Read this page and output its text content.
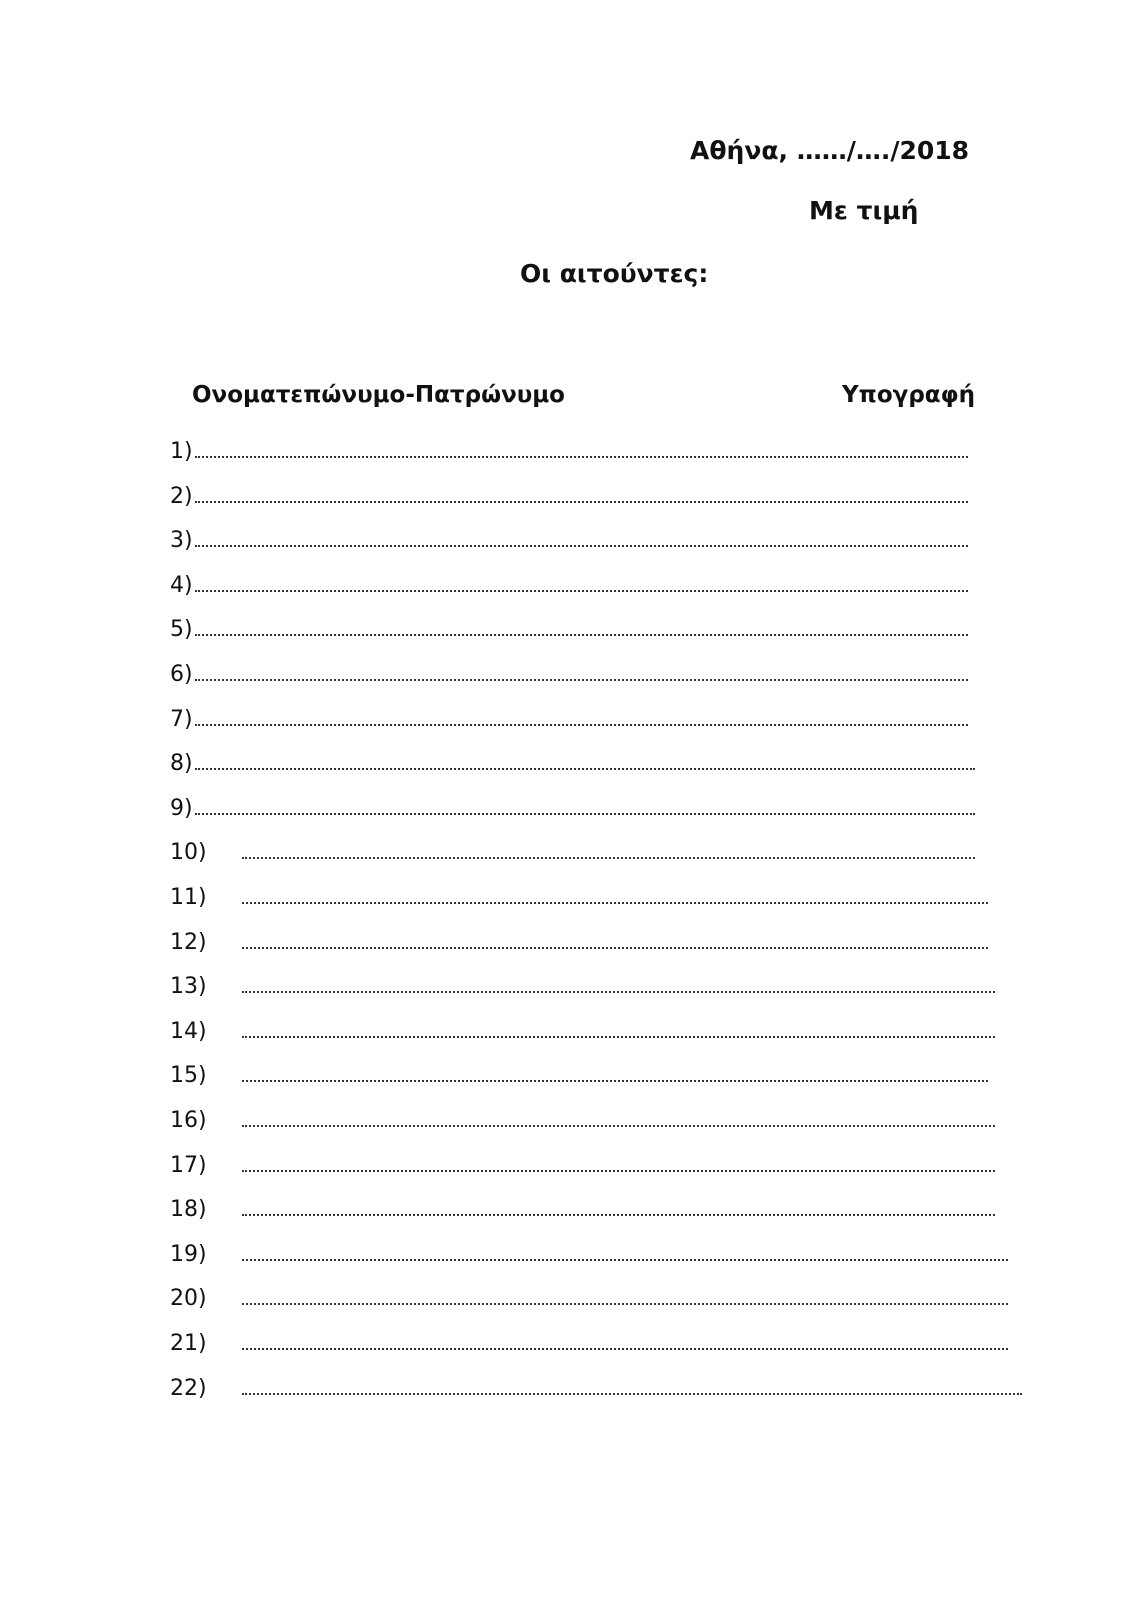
Αθήνα, ……/…./2018
Με τιμή
Οι αιτούντες:
Ονοματεπώνυμο-Πατρώνυμο	Υπογραφή
1)
2)
3)
4)
5)
6)
7)
8)
9)
10)
11)
12)
13)
14)
15)
16)
17)
18)
19)
20)
21)
22)
